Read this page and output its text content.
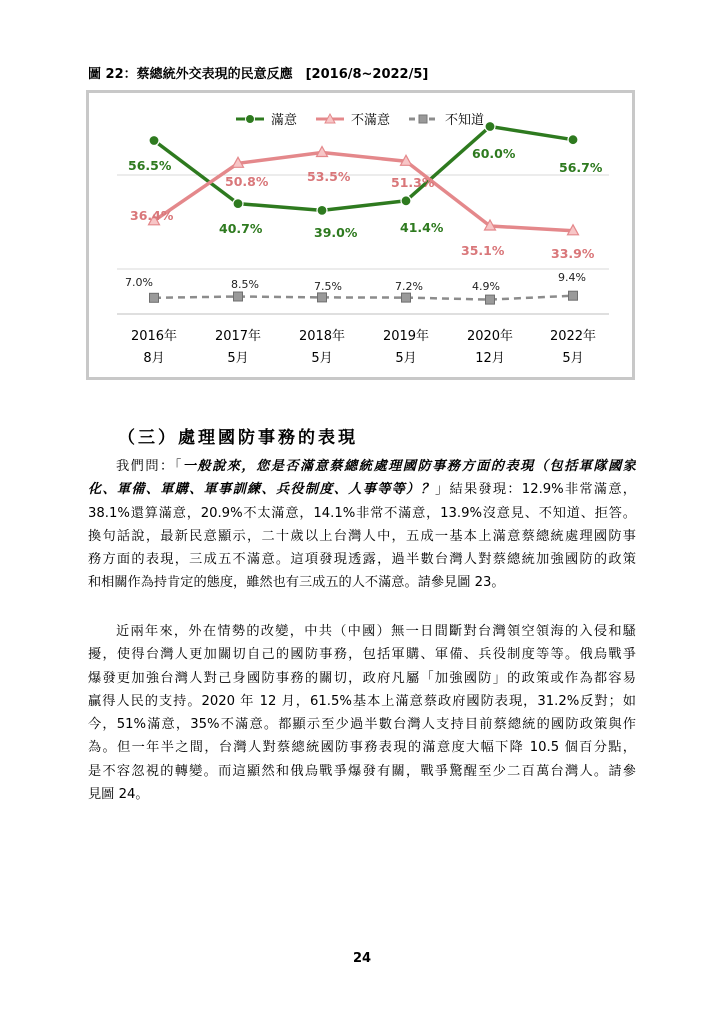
圖 22：蔡總統外交表現的民意反應　[2016/8~2022/5]
滿意	不滿意	不知道
56.5%
40.7%	39.0%	41.4%
60.0%
56.7%
36.4%
50.8%	53.5%	51.3%
35.1%	33.9%
7.0%	8.5%	7.5%	7.2%	4.9%
9.4%
2016年
8月
2017年
5月
2018年
5月
2019年
5月
2020年
12月
2022年
5月
（三）處理國防事務的表現
我們問：「一般說來，您是否滿意蔡總統處理國防事務方面的表現（包括軍隊國家
化、軍備、軍購、軍事訓練、兵役制度、人事等等）？」結果發現：12.9%非常滿意，
38.1%還算滿意，20.9%不太滿意，14.1%非常不滿意，13.9%沒意見、不知道、拒答。
換句話說，最新民意顯示，二十歲以上台灣人中，五成一基本上滿意蔡總統處理國防事
務方面的表現，三成五不滿意。這項發現透露，過半數台灣人對蔡總統加強國防的政策
和相關作為持肯定的態度，雖然也有三成五的人不滿意。請參見圖 23。
近兩年來，外在情勢的改變，中共（中國）無一日間斷對台灣領空領海的入侵和騷
擾，使得台灣人更加關切自己的國防事務，包括軍購、軍備、兵役制度等等。俄烏戰爭
爆發更加強台灣人對己身國防事務的關切，政府凡屬「加強國防」的政策或作為都容易
贏得人民的支持。2020 年 12 月，61.5%基本上滿意蔡政府國防表現，31.2%反對；如
今，51%滿意，35%不滿意。都顯示至少過半數台灣人支持目前蔡總統的國防政策與作
為。但一年半之間，台灣人對蔡總統國防事務表現的滿意度大幅下降 10.5 個百分點，
是不容忽視的轉變。而這顯然和俄烏戰爭爆發有關，戰爭驚醒至少二百萬台灣人。請參
見圖 24。
24
